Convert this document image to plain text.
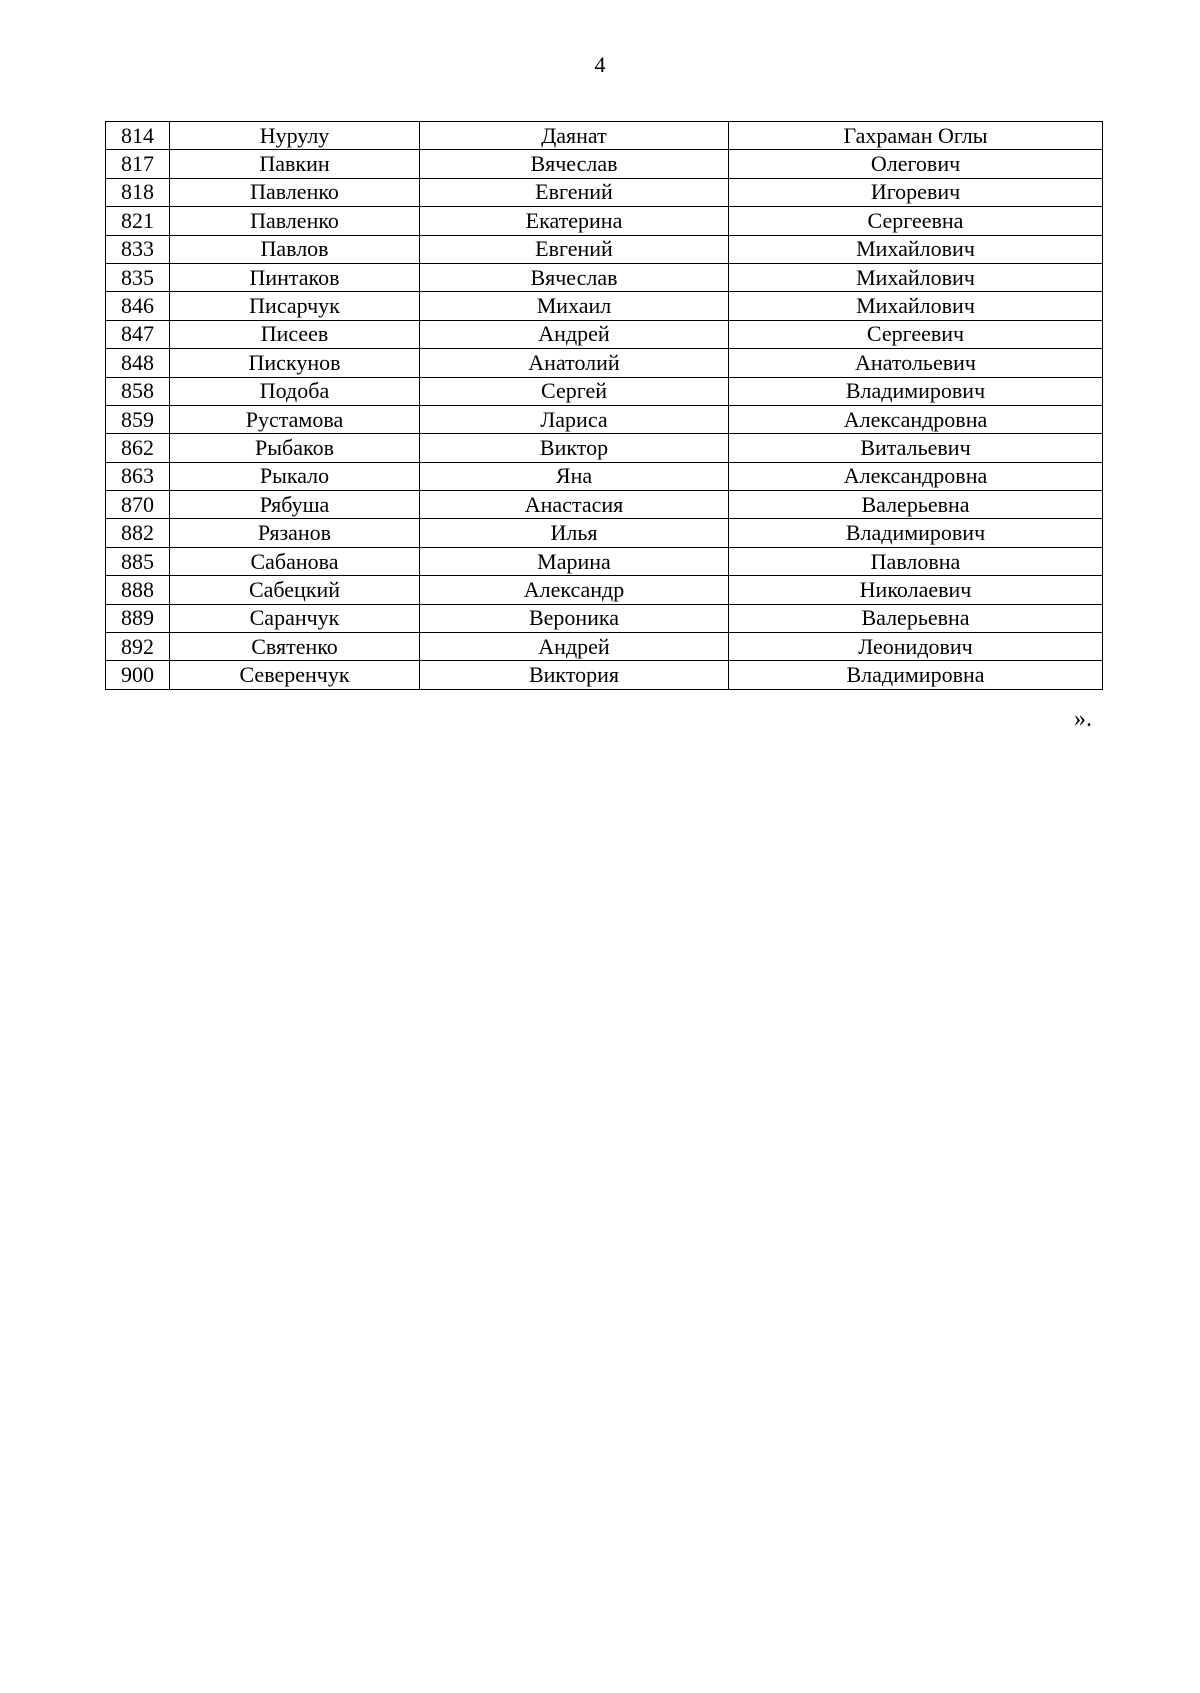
4
814	Нурулу	Даянат	Гахраман Оглы
817	Павкин	Вячеслав	Олегович
818	Павленко	Евгений	Игоревич
821	Павленко	Екатерина	Сергеевна
833	Павлов	Евгений	Михайлович
835	Пинтаков	Вячеслав	Михайлович
846	Писарчук	Михаил	Михайлович
847	Писеев	Андрей	Сергеевич
848	Пискунов	Анатолий	Анатольевич
858	Подоба	Сергей	Владимирович
859	Рустамова	Лариса	Александровна
862	Рыбаков	Виктор	Витальевич
863	Рыкало	Яна	Александровна
870	Рябуша	Анастасия	Валерьевна
882	Рязанов	Илья	Владимирович
885	Сабанова	Марина	Павловна
888	Сабецкий	Александр	Николаевич
889	Саранчук	Вероника	Валерьевна
892	Святенко	Андрей	Леонидович
900	Северенчук	Виктория	Владимировна
».
